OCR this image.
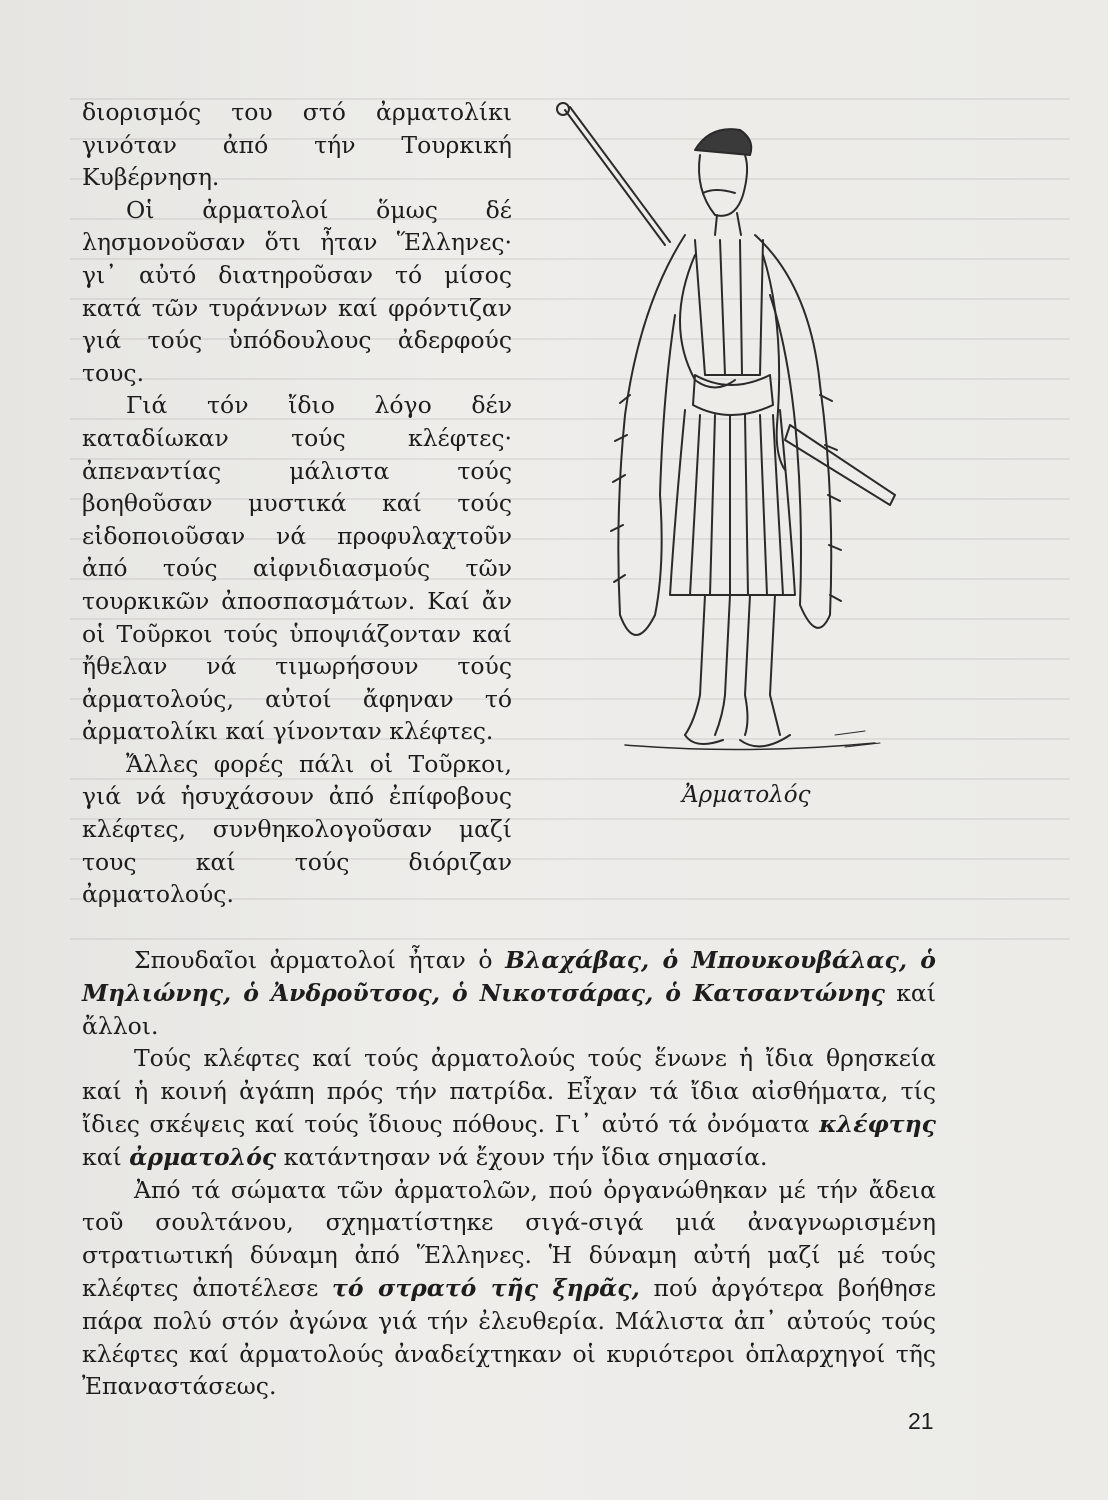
διορισμός του στό ἀρματολίκι γινόταν ἀπό τήν Τουρκική Κυβέρνηση.

Οἱ ἀρματολοί ὅμως δέ λησμονοῦσαν ὅτι ἦταν Ἕλληνες· γι᾽ αὐτό διατηροῦσαν τό μίσος κατά τῶν τυράννων καί φρόντιζαν γιά τούς ὑπόδουλους ἀδερφούς τους.

Γιά τόν ἴδιο λόγο δέν καταδίωκαν τούς κλέφτες· ἀπεναντίας μάλιστα τούς βοηθοῦσαν μυστικά καί τούς εἰδοποιοῦσαν νά προφυλαχτοῦν ἀπό τούς αἰφνιδιασμούς τῶν τουρκικῶν ἀποσπασμάτων. Καί ἄν οἱ Τοῦρκοι τούς ὑποψιάζονταν καί ἤθελαν νά τιμωρήσουν τούς ἀρματολούς, αὐτοί ἄφηναν τό ἀρματολίκι καί γίνονταν κλέφτες.

Ἄλλες φορές πάλι οἱ Τοῦρκοι, γιά νά ἡσυχάσουν ἀπό ἐπίφοβους κλέφτες, συνθηκολογοῦσαν μαζί τους καί τούς διόριζαν ἀρματολούς.

Ἀρματολός

Σπουδαῖοι ἀρματολοί ἦταν ὁ Βλαχάβας, ὁ Μπουκουβάλας, ὁ Μηλιώνης, ὁ Ἀνδροῦτσος, ὁ Νικοτσάρας, ὁ Κατσαντώνης καί ἄλλοι.

Τούς κλέφτες καί τούς ἀρματολούς τούς ἕνωνε ἡ ἴδια θρησκεία καί ἡ κοινή ἀγάπη πρός τήν πατρίδα. Εἶχαν τά ἴδια αἰσθήματα, τίς ἴδιες σκέψεις καί τούς ἴδιους πόθους. Γι᾽ αὐτό τά ὀνόματα κλέφτης καί ἀρματολός κατάντησαν νά ἔχουν τήν ἴδια σημασία.

Ἀπό τά σώματα τῶν ἀρματολῶν, πού ὀργανώθηκαν μέ τήν ἄδεια τοῦ σουλτάνου, σχηματίστηκε σιγά-σιγά μιά ἀναγνωρισμένη στρατιωτική δύναμη ἀπό Ἕλληνες. Ἡ δύναμη αὐτή μαζί μέ τούς κλέφτες ἀποτέλεσε τό στρατό τῆς ξηρᾶς, πού ἀργότερα βοήθησε πάρα πολύ στόν ἀγώνα γιά τήν ἐλευθερία. Μάλιστα ἀπ᾽ αὐτούς τούς κλέφτες καί ἀρματολούς ἀναδείχτηκαν οἱ κυριότεροι ὁπλαρχηγοί τῆς Ἐπαναστάσεως.

21
